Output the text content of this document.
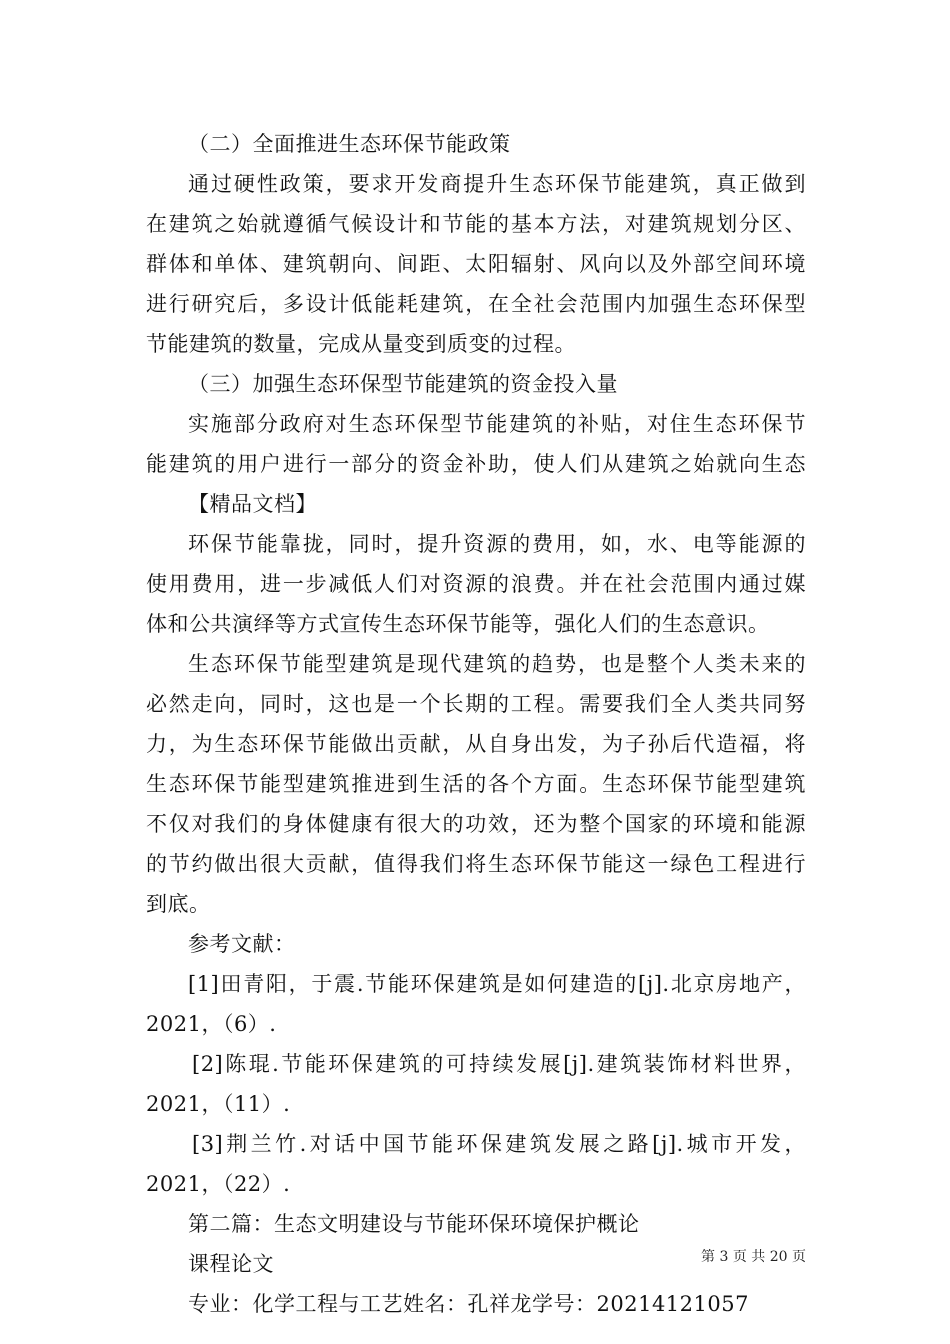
（二）全面推进生态环保节能政策
通过硬性政策，要求开发商提升生态环保节能建筑，真正做到
在建筑之始就遵循气候设计和节能的基本方法，对建筑规划分区、
群体和单体、建筑朝向、间距、太阳辐射、风向以及外部空间环境
进行研究后，多设计低能耗建筑，在全社会范围内加强生态环保型
节能建筑的数量，完成从量变到质变的过程。
（三）加强生态环保型节能建筑的资金投入量
实施部分政府对生态环保型节能建筑的补贴，对住生态环保节
能建筑的用户进行一部分的资金补助，使人们从建筑之始就向生态
【精品文档】
环保节能靠拢，同时，提升资源的费用，如，水、电等能源的
使用费用，进一步减低人们对资源的浪费。并在社会范围内通过媒
体和公共演绎等方式宣传生态环保节能等，强化人们的生态意识。
生态环保节能型建筑是现代建筑的趋势，也是整个人类未来的
必然走向，同时，这也是一个长期的工程。需要我们全人类共同努
力，为生态环保节能做出贡献，从自身出发，为子孙后代造福，将
生态环保节能型建筑推进到生活的各个方面。生态环保节能型建筑
不仅对我们的身体健康有很大的功效，还为整个国家的环境和能源
的节约做出很大贡献，值得我们将生态环保节能这一绿色工程进行
到底。
参考文献：
[1]田青阳，于震.节能环保建筑是如何建造的[j].北京房地产，
2021，（6）.
[2]陈琨.节能环保建筑的可持续发展[j].建筑装饰材料世界，
2021，（11）.
[3]荆兰竹.对话中国节能环保建筑发展之路[j].城市开发，
2021，（22）.
第二篇：生态文明建设与节能环保环境保护概论
课程论文
专业：化学工程与工艺姓名：孔祥龙学号：20214121057
第 3 页 共 20 页
